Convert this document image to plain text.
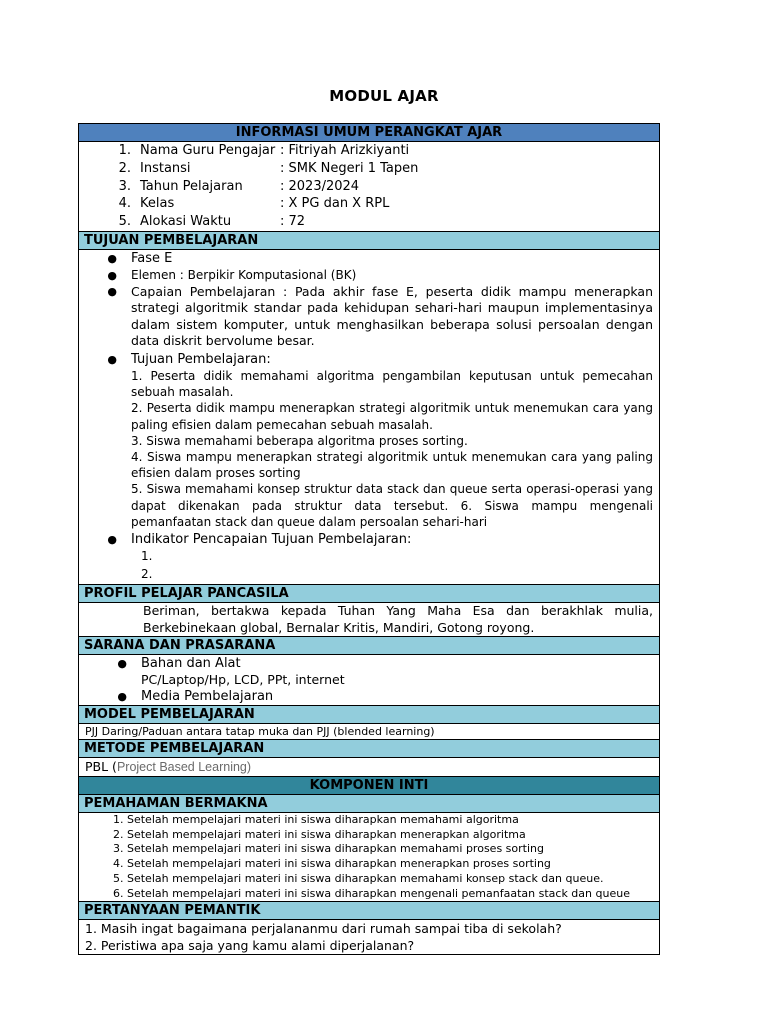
MODUL AJAR
INFORMASI UMUM PERANGKAT AJAR

1. Nama Guru Pengajar : Fitriyah Arizkiyanti
2. Instansi	: SMK Negeri 1 Tapen
3. Tahun Pelajaran	: 2023/2024
4. Kelas	: X PG dan X RPL
5. Alokasi Waktu	: 72

TUJUAN PEMBELAJARAN

●	Fase E
●	Elemen : Berpikir Komputasional (BK)
●	Capaian Pembelajaran : Pada akhir fase E, peserta didik mampu menerapkan strategi algoritmik standar pada kehidupan sehari-hari maupun implementasinya dalam sistem komputer, untuk menghasilkan beberapa solusi persoalan dengan data diskrit bervolume besar.
●	Tujuan Pembelajaran:
1. Peserta didik memahami algoritma pengambilan keputusan untuk pemecahan sebuah masalah.
2. Peserta didik mampu menerapkan strategi algoritmik untuk menemukan cara yang paling efisien dalam pemecahan sebuah masalah.
3. Siswa memahami beberapa algoritma proses sorting.
4. Siswa mampu menerapkan strategi algoritmik untuk menemukan cara yang paling efisien dalam proses sorting
5. Siswa memahami konsep struktur data stack dan queue serta operasi-operasi yang dapat dikenakan pada struktur data tersebut. 6. Siswa mampu mengenali pemanfaatan stack dan queue dalam persoalan sehari-hari
●	Indikator Pencapaian Tujuan Pembelajaran:
1.
2.

PROFIL PELAJAR PANCASILA

Beriman, bertakwa kepada Tuhan Yang Maha Esa dan berakhlak mulia, Berkebinekaan global, Bernalar Kritis, Mandiri, Gotong royong.

SARANA DAN PRASARANA

●	Bahan dan Alat
PC/Laptop/Hp, LCD, PPt, internet
●	Media Pembelajaran

MODEL PEMBELAJARAN

PJJ Daring/Paduan antara tatap muka dan PJJ (blended learning)

METODE PEMBELAJARAN

PBL (Project Based Learning)

KOMPONEN INTI
PEMAHAMAN BERMAKNA

1. Setelah mempelajari materi ini siswa diharapkan memahami algoritma
2. Setelah mempelajari materi ini siswa diharapkan menerapkan algoritma
3. Setelah mempelajari materi ini siswa diharapkan memahami proses sorting
4. Setelah mempelajari materi ini siswa diharapkan menerapkan proses sorting
5. Setelah mempelajari materi ini siswa diharapkan memahami konsep stack dan queue.
6. Setelah mempelajari materi ini siswa diharapkan mengenali pemanfaatan stack dan queue

PERTANYAAN PEMANTIK

1. Masih ingat bagaimana perjalananmu dari rumah sampai tiba di sekolah?
2. Peristiwa apa saja yang kamu alami diperjalanan?
